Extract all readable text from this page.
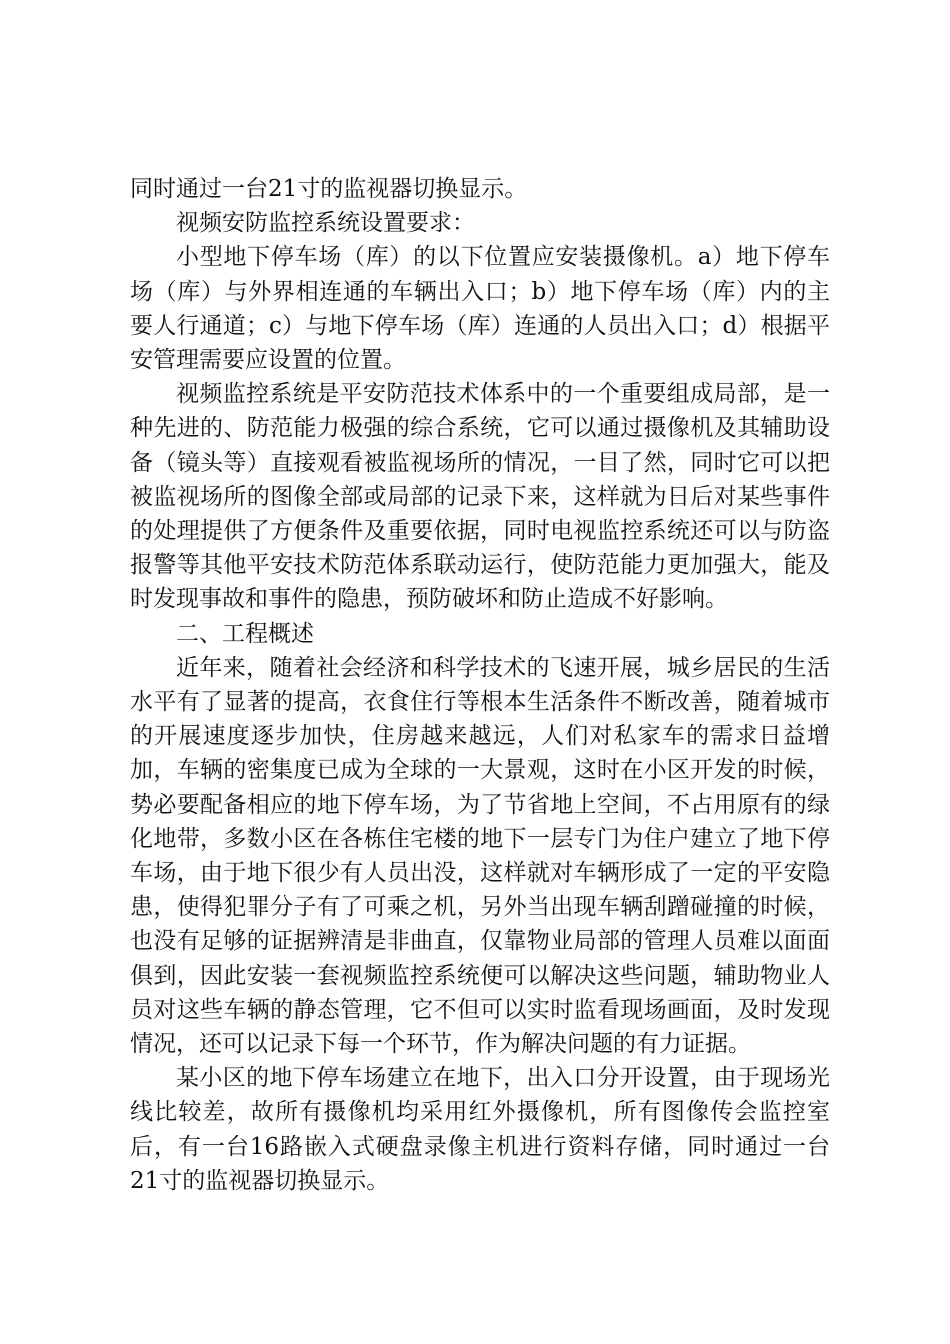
同时通过一台21寸的监视器切换显示。

视频安防监控系统设置要求：

小型地下停车场（库）的以下位置应安装摄像机。a）地下停车场（库）与外界相连通的车辆出入口；b）地下停车场（库）内的主要人行通道；c）与地下停车场（库）连通的人员出入口；d）根据平安管理需要应设置的位置。

视频监控系统是平安防范技术体系中的一个重要组成局部，是一种先进的、防范能力极强的综合系统，它可以通过摄像机及其辅助设备（镜头等）直接观看被监视场所的情况，一目了然，同时它可以把被监视场所的图像全部或局部的记录下来，这样就为日后对某些事件的处理提供了方便条件及重要依据，同时电视监控系统还可以与防盗报警等其他平安技术防范体系联动运行，使防范能力更加强大，能及时发现事故和事件的隐患，预防破坏和防止造成不好影响。

二、工程概述

近年来，随着社会经济和科学技术的飞速开展，城乡居民的生活水平有了显著的提高，衣食住行等根本生活条件不断改善，随着城市的开展速度逐步加快，住房越来越远，人们对私家车的需求日益增加，车辆的密集度已成为全球的一大景观，这时在小区开发的时候，势必要配备相应的地下停车场，为了节省地上空间，不占用原有的绿化地带，多数小区在各栋住宅楼的地下一层专门为住户建立了地下停车场，由于地下很少有人员出没，这样就对车辆形成了一定的平安隐患，使得犯罪分子有了可乘之机，另外当出现车辆刮蹭碰撞的时候，也没有足够的证据辨清是非曲直，仅靠物业局部的管理人员难以面面俱到，因此安装一套视频监控系统便可以解决这些问题，辅助物业人员对这些车辆的静态管理，它不但可以实时监看现场画面，及时发现情况，还可以记录下每一个环节，作为解决问题的有力证据。

某小区的地下停车场建立在地下，出入口分开设置，由于现场光线比较差，故所有摄像机均采用红外摄像机，所有图像传会监控室后，有一台16路嵌入式硬盘录像主机进行资料存储，同时通过一台21寸的监视器切换显示。
